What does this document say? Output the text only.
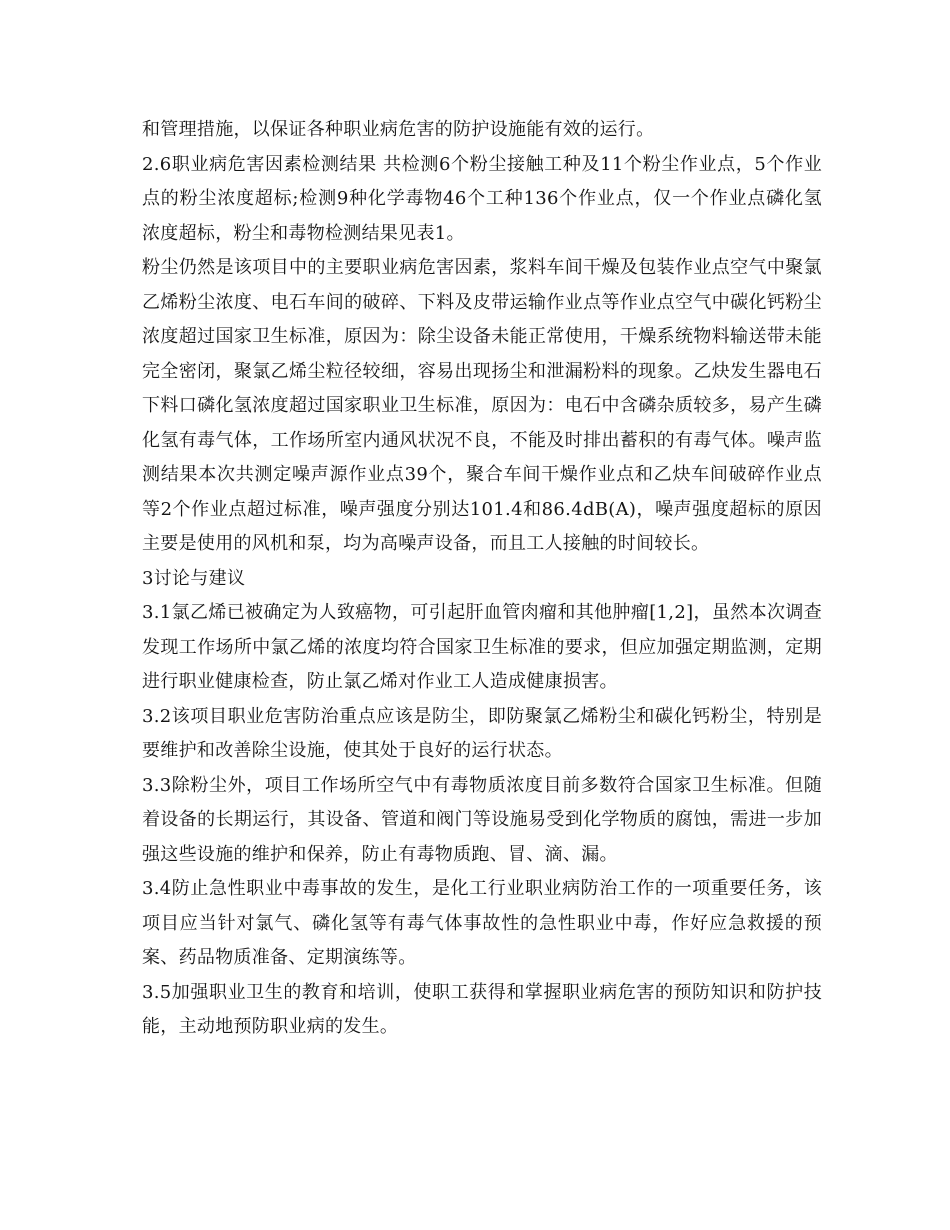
和管理措施，以保证各种职业病危害的防护设施能有效的运行。

2.6职业病危害因素检测结果 共检测6个粉尘接触工种及11个粉尘作业点，5个作业点的粉尘浓度超标;检测9种化学毒物46个工种136个作业点，仅一个作业点磷化氢浓度超标，粉尘和毒物检测结果见表1。

粉尘仍然是该项目中的主要职业病危害因素，浆料车间干燥及包装作业点空气中聚氯乙烯粉尘浓度、电石车间的破碎、下料及皮带运输作业点等作业点空气中碳化钙粉尘浓度超过国家卫生标准，原因为：除尘设备未能正常使用，干燥系统物料输送带未能完全密闭，聚氯乙烯尘粒径较细，容易出现扬尘和泄漏粉料的现象。乙炔发生器电石下料口磷化氢浓度超过国家职业卫生标准，原因为：电石中含磷杂质较多，易产生磷化氢有毒气体，工作场所室内通风状况不良，不能及时排出蓄积的有毒气体。噪声监测结果本次共测定噪声源作业点39个，聚合车间干燥作业点和乙炔车间破碎作业点等2个作业点超过标准，噪声强度分别达101.4和86.4dB(A)，噪声强度超标的原因主要是使用的风机和泵，均为高噪声设备，而且工人接触的时间较长。

3讨论与建议

3.1氯乙烯已被确定为人致癌物，可引起肝血管肉瘤和其他肿瘤[1,2]，虽然本次调查发现工作场所中氯乙烯的浓度均符合国家卫生标准的要求，但应加强定期监测，定期进行职业健康检查，防止氯乙烯对作业工人造成健康损害。

3.2该项目职业危害防治重点应该是防尘，即防聚氯乙烯粉尘和碳化钙粉尘，特别是要维护和改善除尘设施，使其处于良好的运行状态。

3.3除粉尘外，项目工作场所空气中有毒物质浓度目前多数符合国家卫生标准。但随着设备的长期运行，其设备、管道和阀门等设施易受到化学物质的腐蚀，需进一步加强这些设施的维护和保养，防止有毒物质跑、冒、滴、漏。

3.4防止急性职业中毒事故的发生，是化工行业职业病防治工作的一项重要任务，该项目应当针对氯气、磷化氢等有毒气体事故性的急性职业中毒，作好应急救援的预案、药品物质准备、定期演练等。

3.5加强职业卫生的教育和培训，使职工获得和掌握职业病危害的预防知识和防护技能，主动地预防职业病的发生。
